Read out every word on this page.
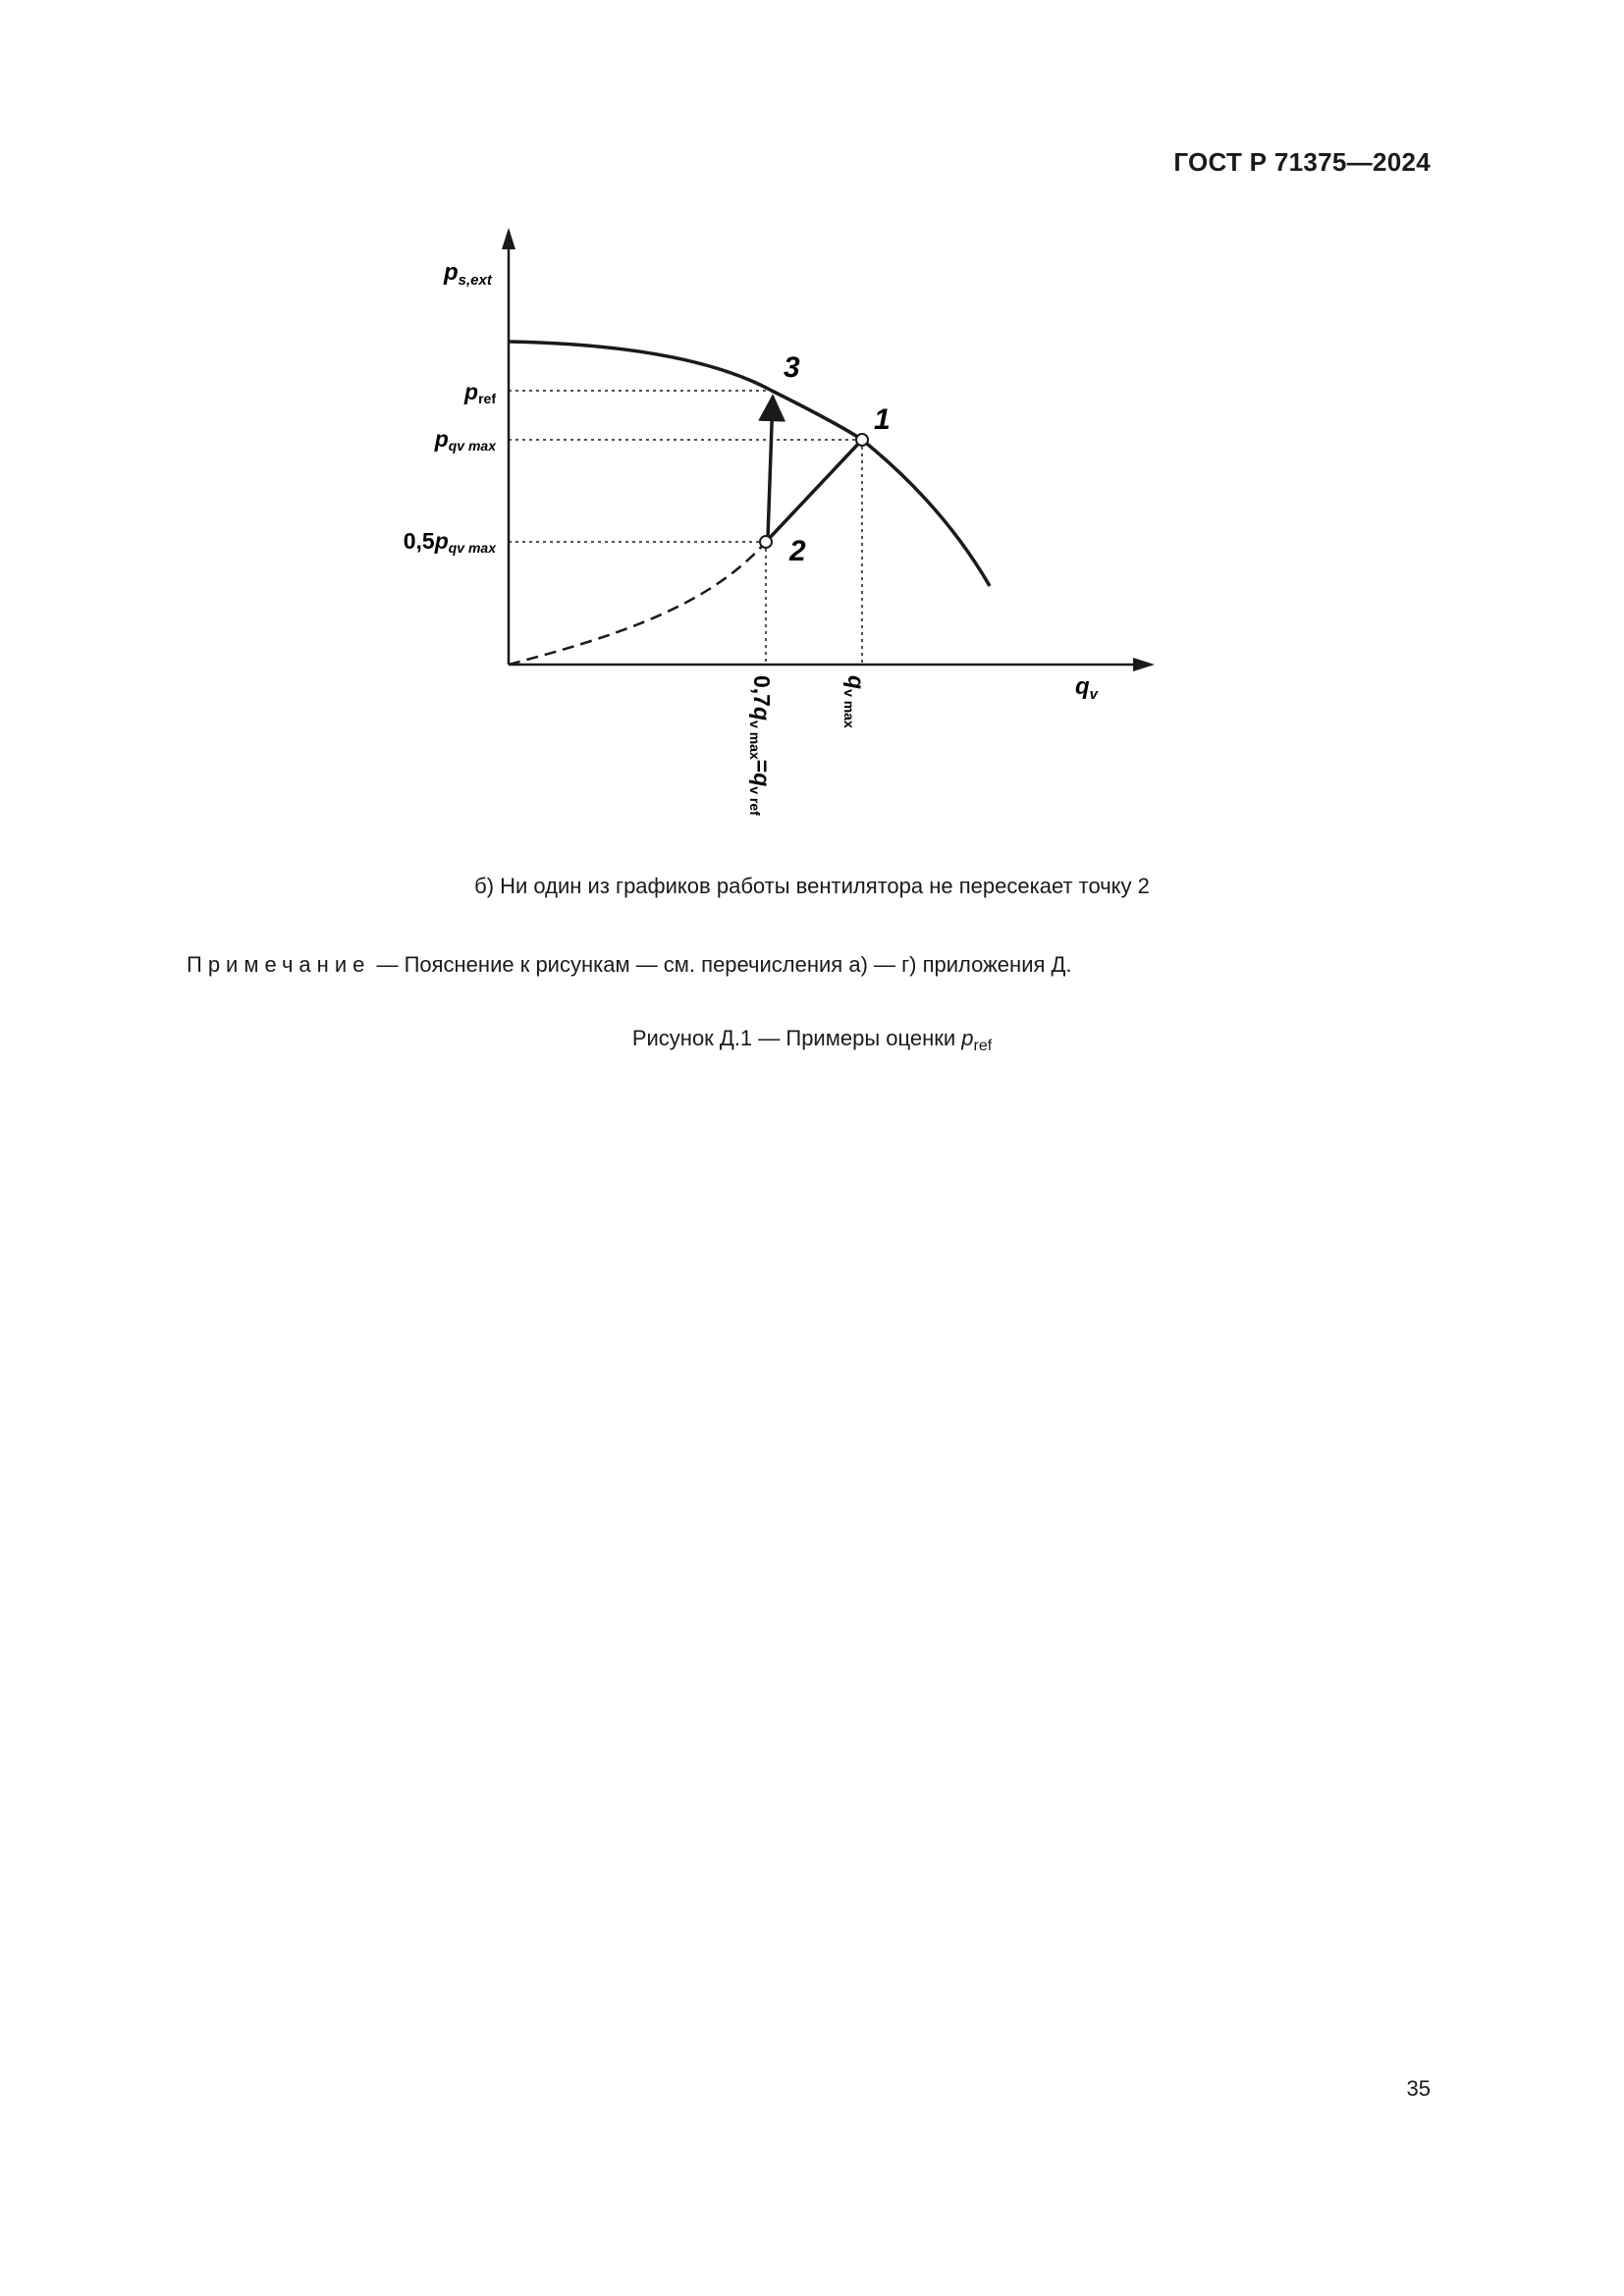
ГОСТ Р 71375—2024
1
2
3
ps,ext
qv
pref
pqv max
0,5pqv max
qv max
0,7qv max=qv ref
б) Ни один из графиков работы вентилятора не пересекает точку 2
Примечание — Пояснение к рисункам — см. перечисления а) — г) приложения Д.
Рисунок Д.1 — Примеры оценки $p_{ref}$
35
